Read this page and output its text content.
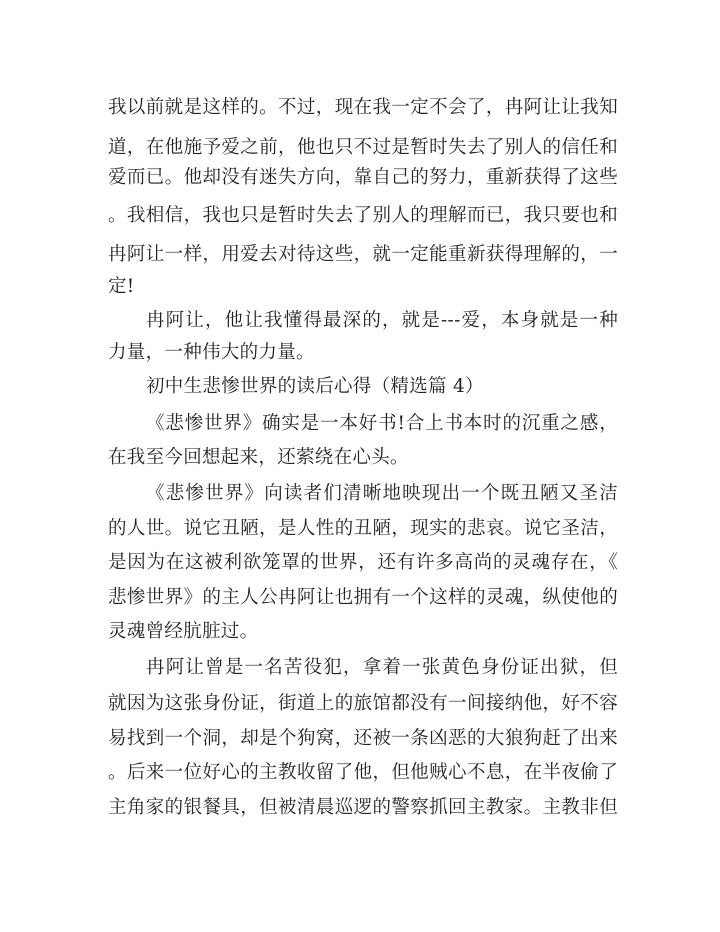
我以前就是这样的。不过，现在我一定不会了，冉阿让让我知
道，在他施予爱之前，他也只不过是暂时失去了别人的信任和
爱而已。他却没有迷失方向，靠自己的努力，重新获得了这些
。我相信，我也只是暂时失去了别人的理解而已，我只要也和
冉阿让一样，用爱去对待这些，就一定能重新获得理解的，一
定!
冉阿让，他让我懂得最深的，就是---爱，本身就是一种
力量，一种伟大的力量。
初中生悲惨世界的读后心得（精选篇 4）
《悲惨世界》确实是一本好书!合上书本时的沉重之感，
在我至今回想起来，还萦绕在心头。
《悲惨世界》向读者们清晰地映现出一个既丑陋又圣洁
的人世。说它丑陋，是人性的丑陋，现实的悲哀。说它圣洁，
是因为在这被利欲笼罩的世界，还有许多高尚的灵魂存在，《
悲惨世界》的主人公冉阿让也拥有一个这样的灵魂，纵使他的
灵魂曾经肮脏过。
冉阿让曾是一名苦役犯，拿着一张黄色身份证出狱，但
就因为这张身份证，街道上的旅馆都没有一间接纳他，好不容
易找到一个洞，却是个狗窝，还被一条凶恶的大狼狗赶了出来
。后来一位好心的主教收留了他，但他贼心不息，在半夜偷了
主角家的银餐具，但被清晨巡逻的警察抓回主教家。主教非但
